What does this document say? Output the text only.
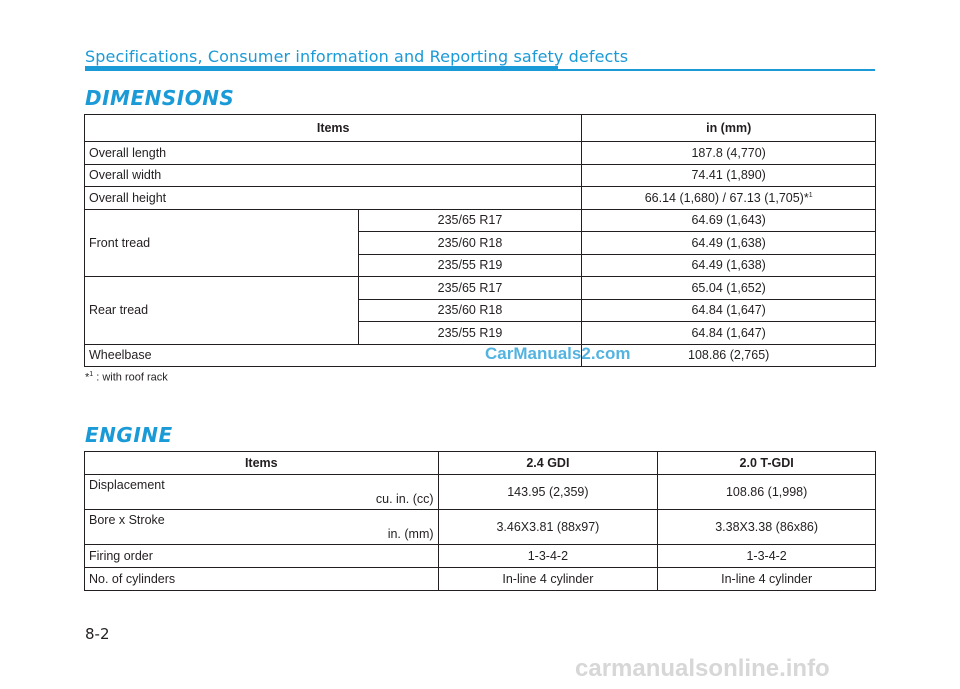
Specifications, Consumer information and Reporting safety defects
DIMENSIONS
Items		in (mm)
Overall length		187.8 (4,770)
Overall width		74.41 (1,890)
Overall height		66.14 (1,680) / 67.13 (1,705)*$^1$
Front tread	235/65 R17	64.69 (1,643)
	235/60 R18	64.49 (1,638)
	235/55 R19	64.49 (1,638)
Rear tread	235/65 R17	65.04 (1,652)
	235/60 R18	64.84 (1,647)
	235/55 R19	64.84 (1,647)
Wheelbase		108.86 (2,765)
CarManuals2.com
*$^1$ : with roof rack
ENGINE
Items	2.4 GDI	2.0 T-GDI
Displacement
cu. in. (cc)	143.95 (2,359)	108.86 (1,998)
Bore x Stroke
in. (mm)	3.46X3.81 (88x97)	3.38X3.38 (86x86)
Firing order	1-3-4-2	1-3-4-2
No. of cylinders	In-line 4 cylinder	In-line 4 cylinder
8-2
carmanualsonline.info
